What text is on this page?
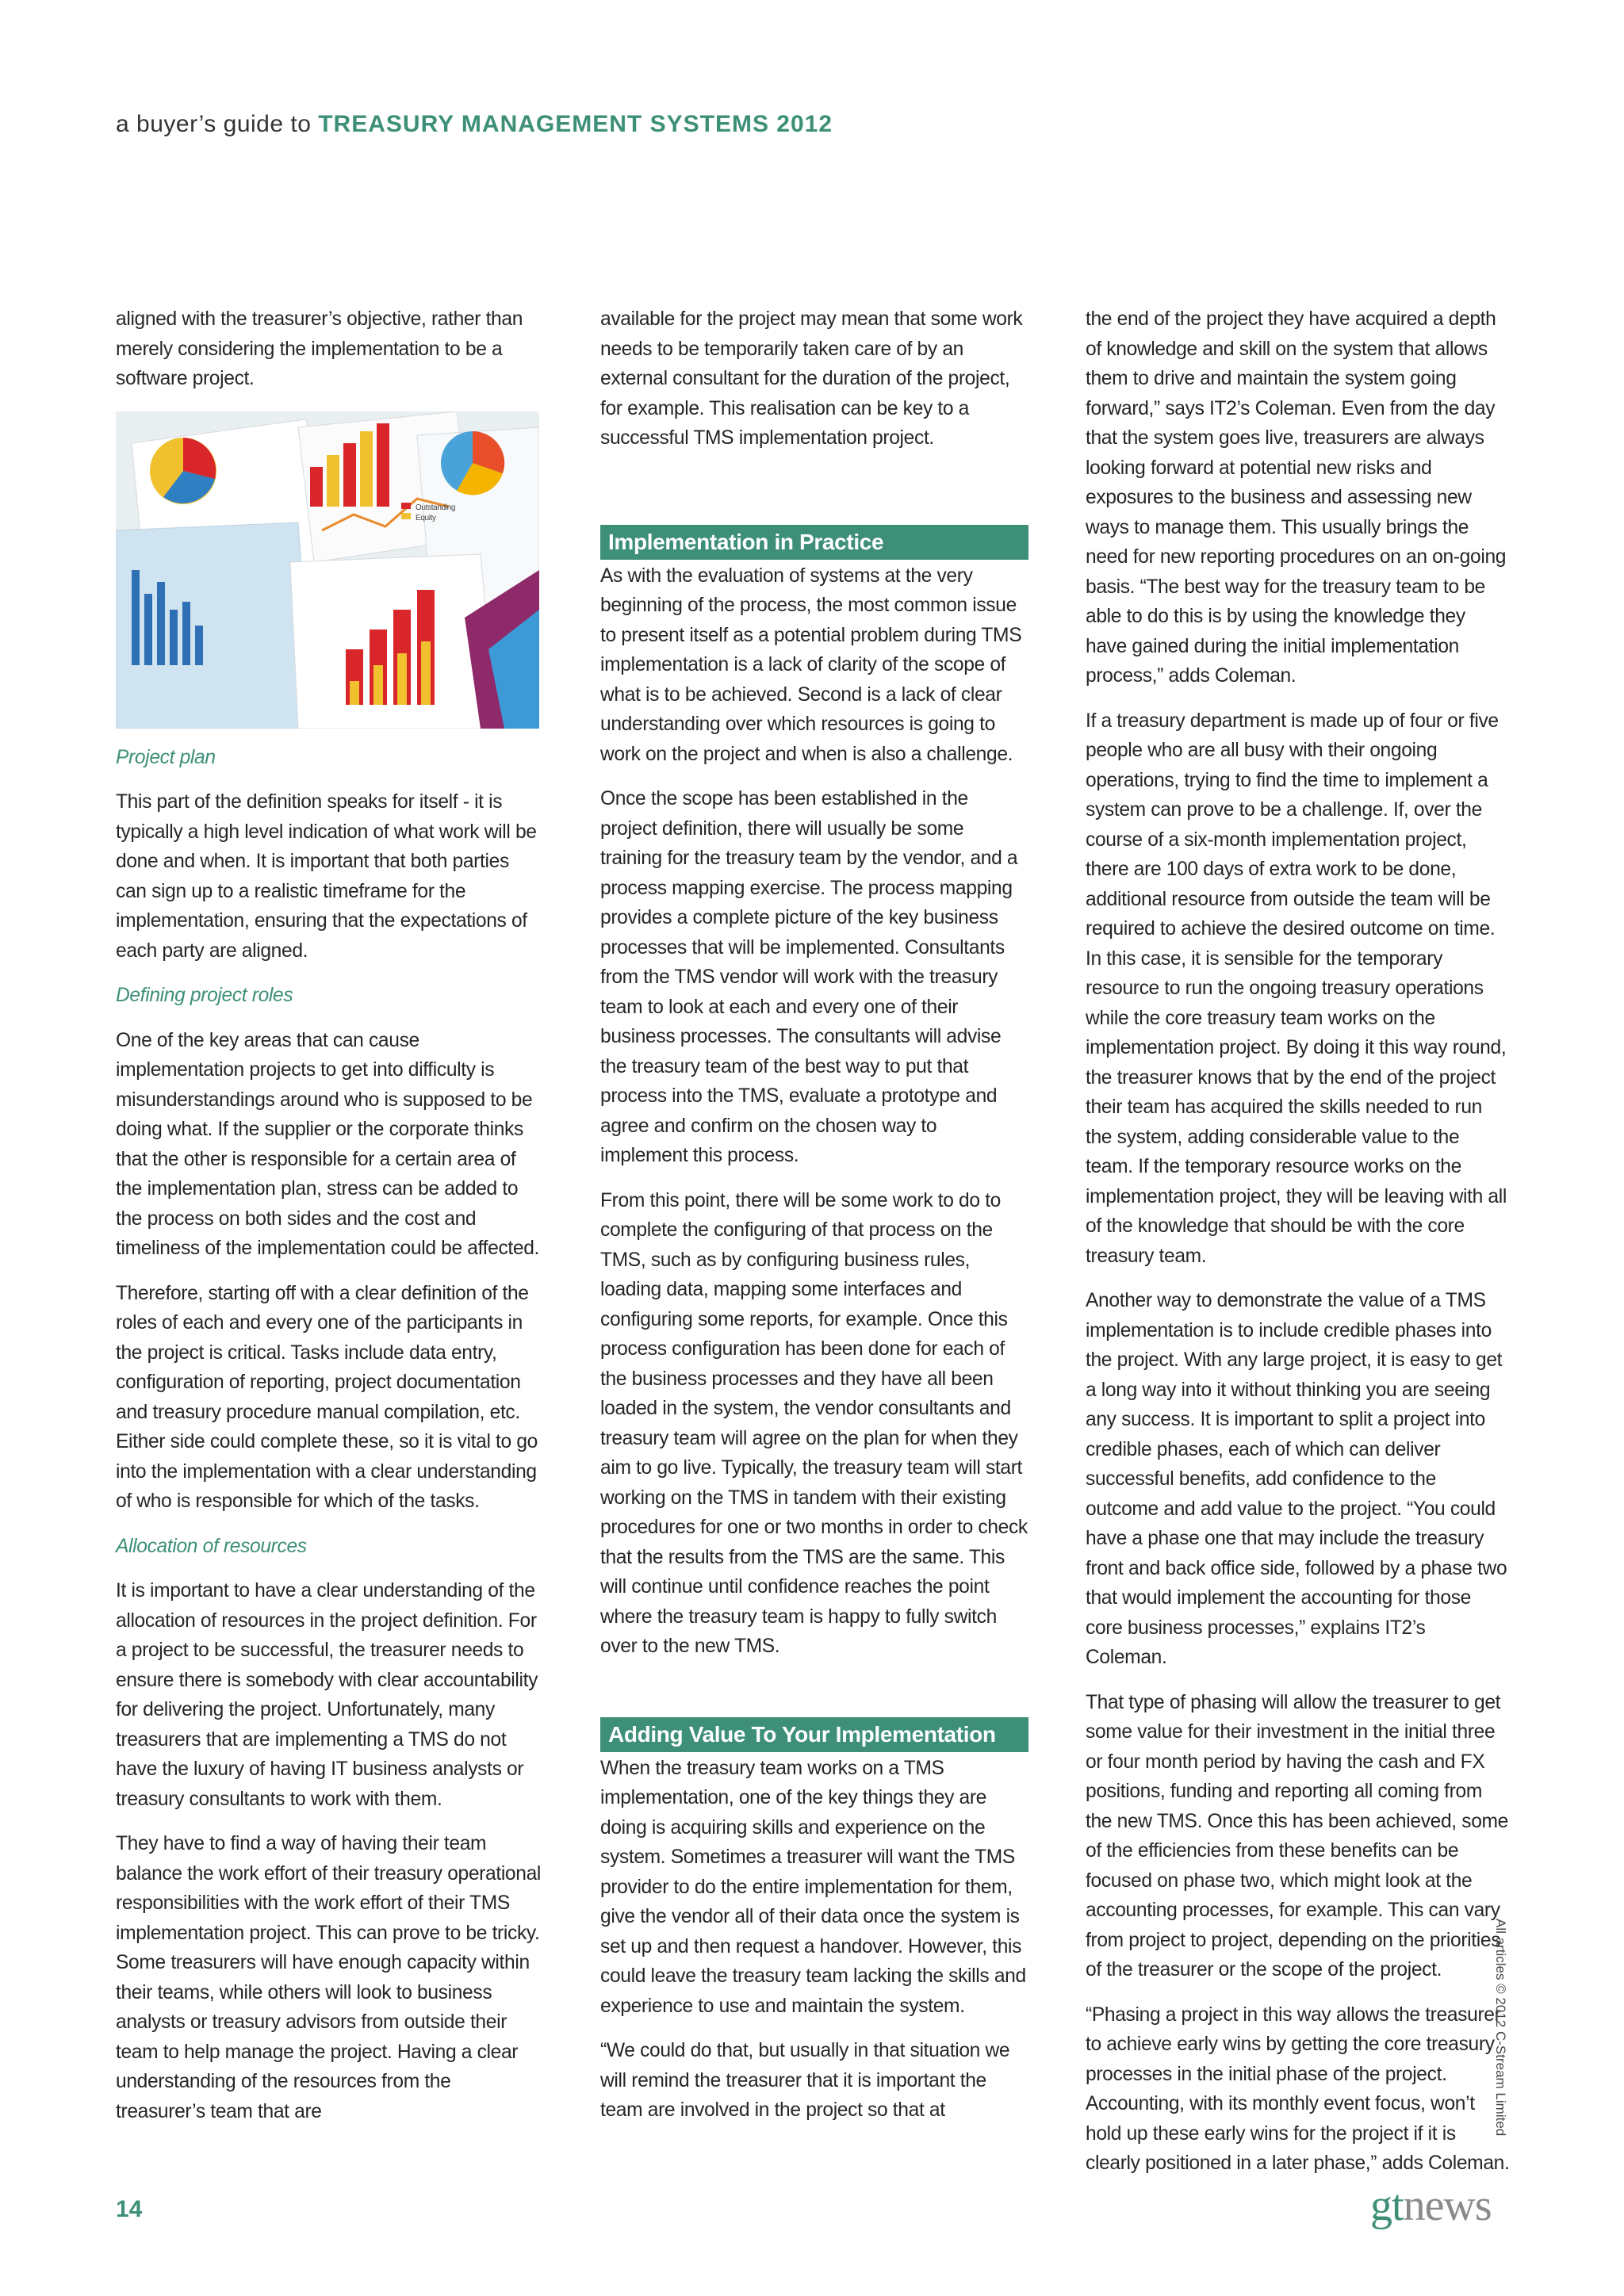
a buyer’s guide to TREASURY MANAGEMENT SYSTEMS 2012

aligned with the treasurer’s objective, rather than merely considering the implementation to be a software project.

Outstanding
Equity

Project plan

This part of the definition speaks for itself - it is typically a high level indication of what work will be done and when. It is important that both parties can sign up to a realistic timeframe for the implementation, ensuring that the expectations of each party are aligned.

Defining project roles

One of the key areas that can cause implementation projects to get into difficulty is misunderstandings around who is supposed to be doing what. If the supplier or the corporate thinks that the other is responsible for a certain area of the implementation plan, stress can be added to the process on both sides and the cost and timeliness of the implementation could be affected.

Therefore, starting off with a clear definition of the roles of each and every one of the participants in the project is critical. Tasks include data entry, configuration of reporting, project documentation and treasury procedure manual compilation, etc. Either side could complete these, so it is vital to go into the implementation with a clear understanding of who is responsible for which of the tasks.

Allocation of resources

It is important to have a clear understanding of the allocation of resources in the project definition. For a project to be successful, the treasurer needs to ensure there is somebody with clear accountability for delivering the project. Unfortunately, many treasurers that are implementing a TMS do not have the luxury of having IT business analysts or treasury consultants to work with them.

They have to find a way of having their team balance the work effort of their treasury operational responsibilities with the work effort of their TMS implementation project. This can prove to be tricky. Some treasurers will have enough capacity within their teams, while others will look to business analysts or treasury advisors from outside their team to help manage the project. Having a clear understanding of the resources from the treasurer’s team that are

available for the project may mean that some work needs to be temporarily taken care of by an external consultant for the duration of the project, for example. This realisation can be key to a successful TMS implementation project.

Implementation in Practice

As with the evaluation of systems at the very beginning of the process, the most common issue to present itself as a potential problem during TMS implementation is a lack of clarity of the scope of what is to be achieved. Second is a lack of clear understanding over which resources is going to work on the project and when is also a challenge.

Once the scope has been established in the project definition, there will usually be some training for the treasury team by the vendor, and a process mapping exercise. The process mapping provides a complete picture of the key business processes that will be implemented. Consultants from the TMS vendor will work with the treasury team to look at each and every one of their business processes. The consultants will advise the treasury team of the best way to put that process into the TMS, evaluate a prototype and agree and confirm on the chosen way to implement this process.

From this point, there will be some work to do to complete the configuring of that process on the TMS, such as by configuring business rules, loading data, mapping some interfaces and configuring some reports, for example. Once this process configuration has been done for each of the business processes and they have all been loaded in the system, the vendor consultants and treasury team will agree on the plan for when they aim to go live. Typically, the treasury team will start working on the TMS in tandem with their existing procedures for one or two months in order to check that the results from the TMS are the same. This will continue until confidence reaches the point where the treasury team is happy to fully switch over to the new TMS.

Adding Value To Your Implementation

When the treasury team works on a TMS implementation, one of the key things they are doing is acquiring skills and experience on the system. Sometimes a treasurer will want the TMS provider to do the entire implementation for them, give the vendor all of their data once the system is set up and then request a handover. However, this could leave the treasury team lacking the skills and experience to use and maintain the system.

“We could do that, but usually in that situation we will remind the treasurer that it is important the team are involved in the project so that at

the end of the project they have acquired a depth of knowledge and skill on the system that allows them to drive and maintain the system going forward,” says IT2’s Coleman. Even from the day that the system goes live, treasurers are always looking forward at potential new risks and exposures to the business and assessing new ways to manage them. This usually brings the need for new reporting procedures on an on-going basis. “The best way for the treasury team to be able to do this is by using the knowledge they have gained during the initial implementation process,” adds Coleman.

If a treasury department is made up of four or five people who are all busy with their ongoing operations, trying to find the time to implement a system can prove to be a challenge. If, over the course of a six-month implementation project, there are 100 days of extra work to be done, additional resource from outside the team will be required to achieve the desired outcome on time. In this case, it is sensible for the temporary resource to run the ongoing treasury operations while the core treasury team works on the implementation project. By doing it this way round, the treasurer knows that by the end of the project their team has acquired the skills needed to run the system, adding considerable value to the team. If the temporary resource works on the implementation project, they will be leaving with all of the knowledge that should be with the core treasury team.

Another way to demonstrate the value of a TMS implementation is to include credible phases into the project. With any large project, it is easy to get a long way into it without thinking you are seeing any success. It is important to split a project into credible phases, each of which can deliver successful benefits, add confidence to the outcome and add value to the project. “You could have a phase one that may include the treasury front and back office side, followed by a phase two that would implement the accounting for those core business processes,” explains IT2’s Coleman.

That type of phasing will allow the treasurer to get some value for their investment in the initial three or four month period by having the cash and FX positions, funding and reporting all coming from the new TMS. Once this has been achieved, some of the efficiencies from these benefits can be focused on phase two, which might look at the accounting processes, for example. This can vary from project to project, depending on the priorities of the treasurer or the scope of the project.

“Phasing a project in this way allows the treasurer to achieve early wins by getting the core treasury processes in the initial phase of the project. Accounting, with its monthly event focus, won’t hold up these early wins for the project if it is clearly positioned in a later phase,” adds Coleman.

All articles © 2012 C-Stream Limited
14	gtnews
